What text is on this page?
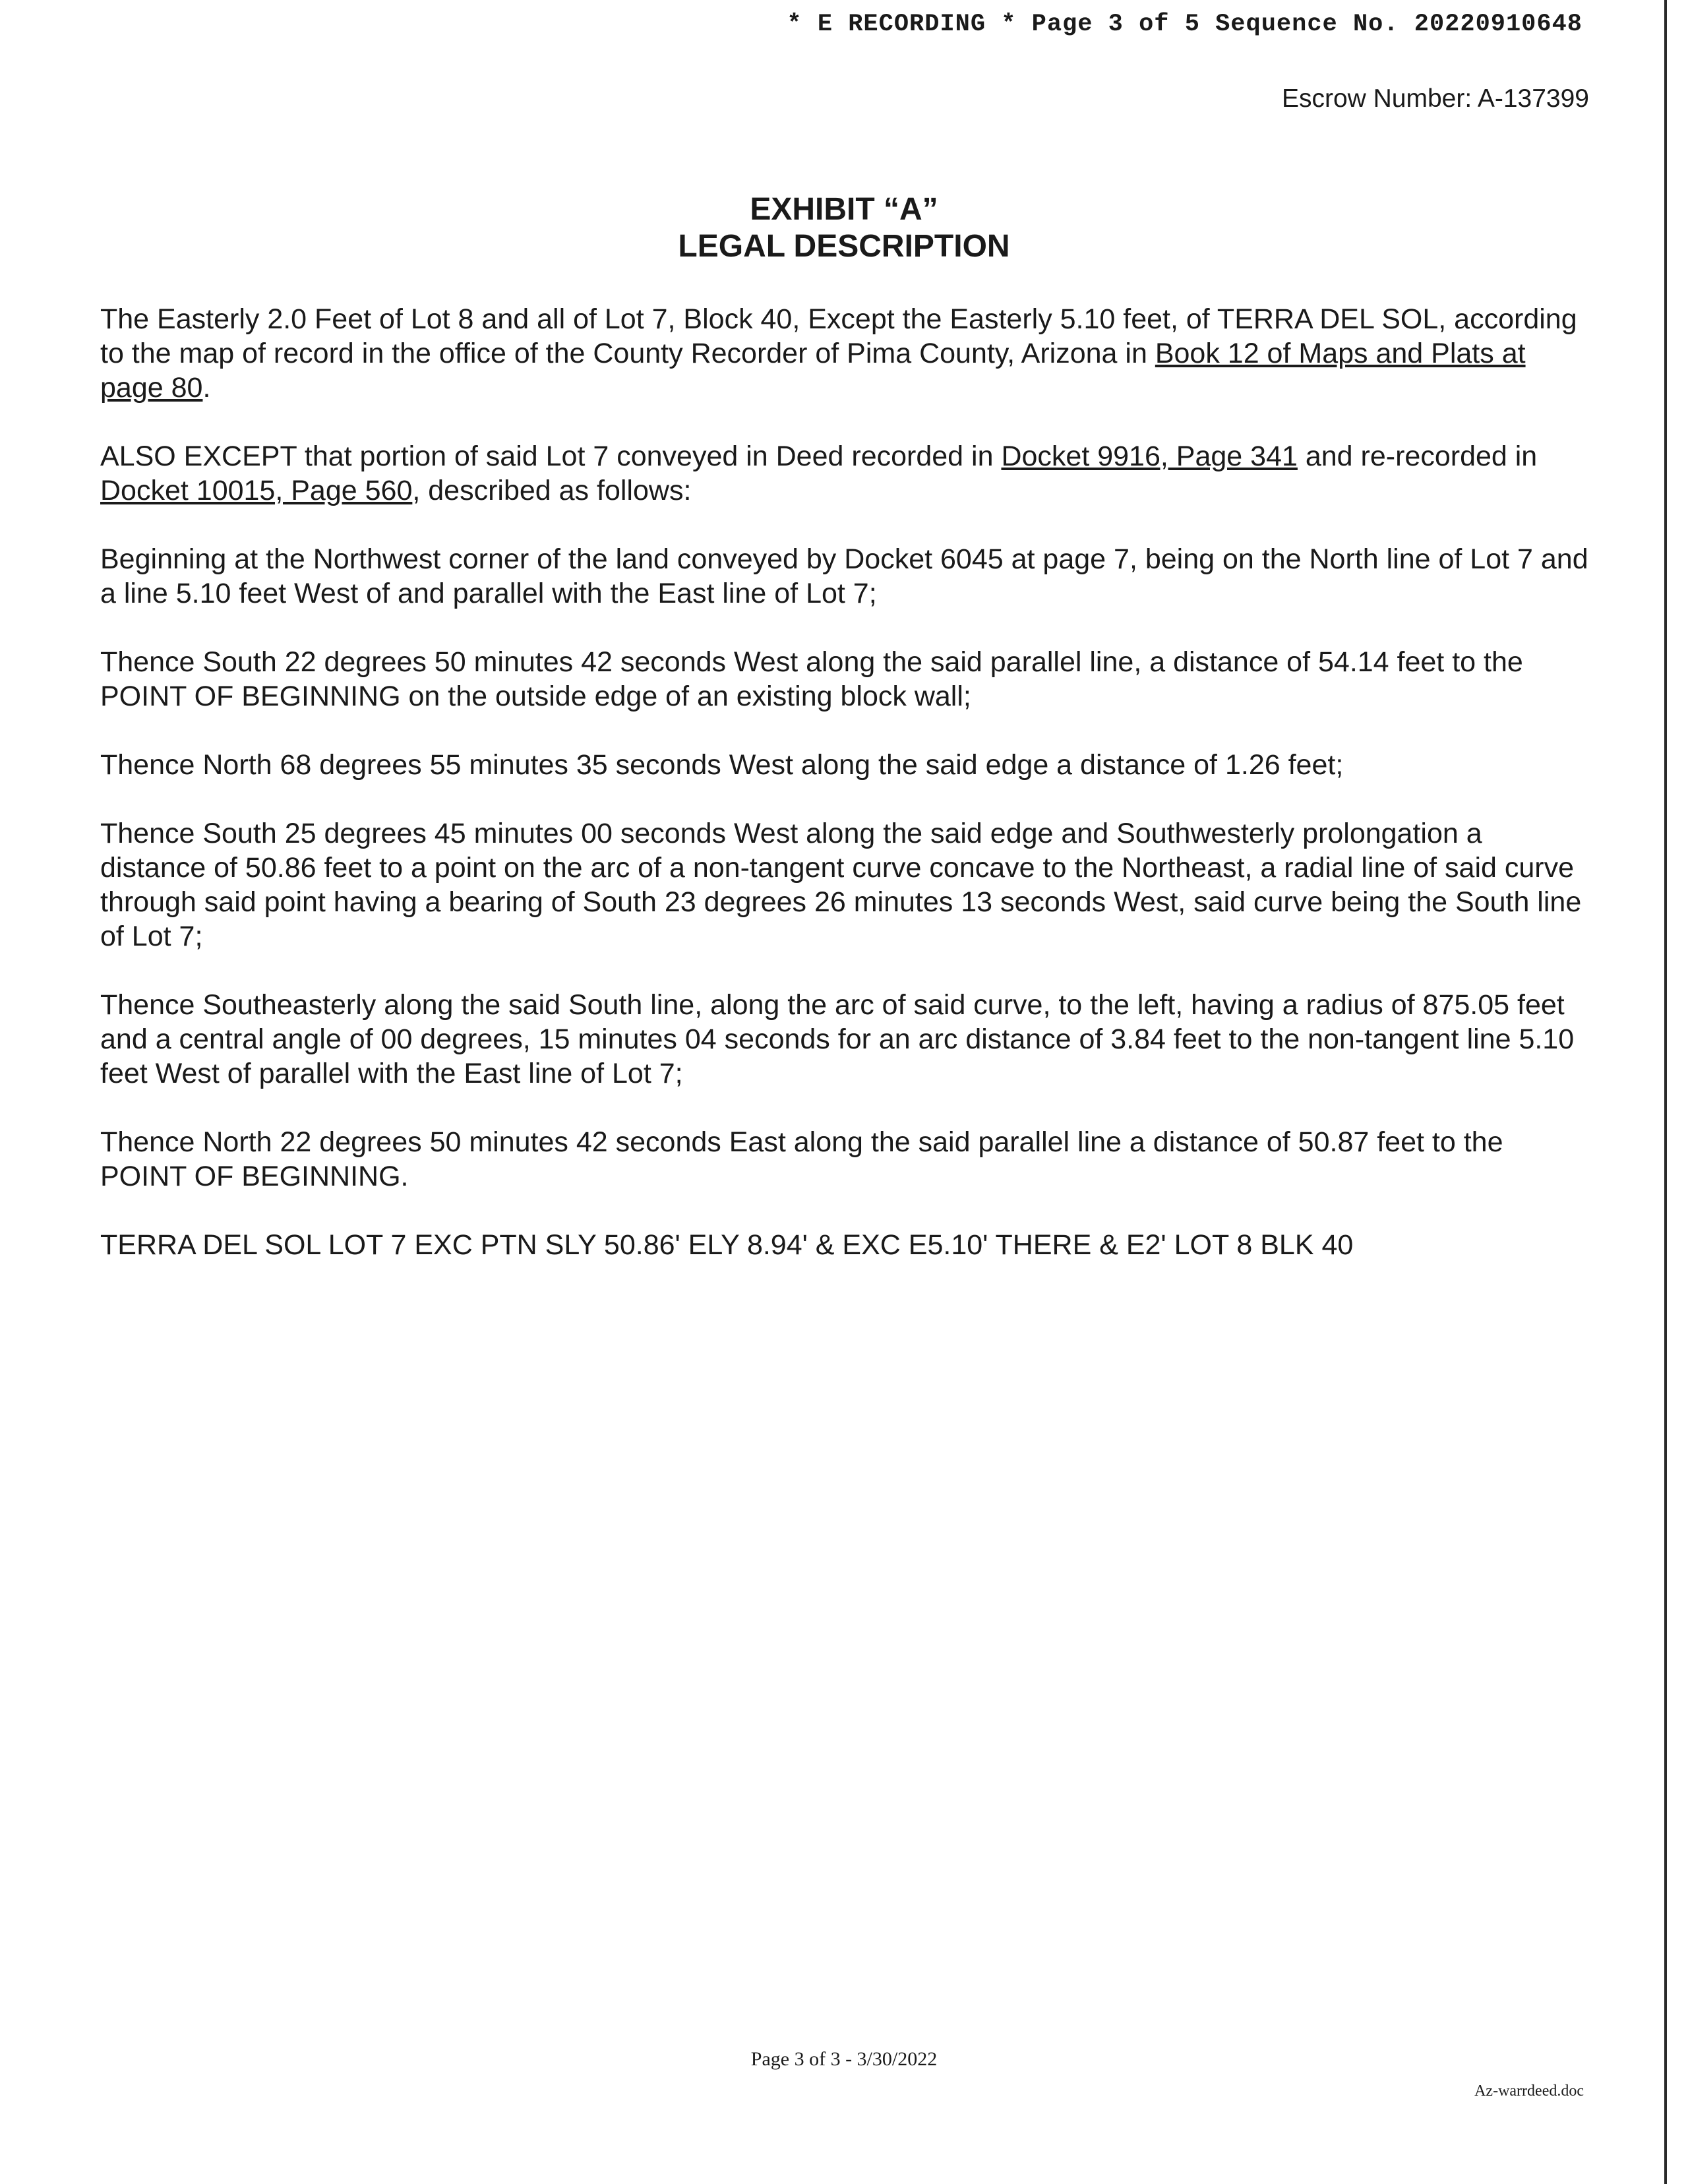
* E RECORDING * Page 3 of 5 Sequence No. 20220910648
Escrow Number: A-137399
EXHIBIT “A”
LEGAL DESCRIPTION

The Easterly 2.0 Feet of Lot 8 and all of Lot 7, Block 40, Except the Easterly 5.10 feet, of TERRA DEL SOL, according to the map of record in the office of the County Recorder of Pima County, Arizona in Book 12 of Maps and Plats at page 80.

ALSO EXCEPT that portion of said Lot 7 conveyed in Deed recorded in Docket 9916, Page 341 and re-recorded in Docket 10015, Page 560, described as follows:

Beginning at the Northwest corner of the land conveyed by Docket 6045 at page 7, being on the North line of Lot 7 and a line 5.10 feet West of and parallel with the East line of Lot 7;

Thence South 22 degrees 50 minutes 42 seconds West along the said parallel line, a distance of 54.14 feet to the POINT OF BEGINNING on the outside edge of an existing block wall;

Thence North 68 degrees 55 minutes 35 seconds West along the said edge a distance of 1.26 feet;

Thence South 25 degrees 45 minutes 00 seconds West along the said edge and Southwesterly prolongation a distance of 50.86 feet to a point on the arc of a non-tangent curve concave to the Northeast, a radial line of said curve through said point having a bearing of South 23 degrees 26 minutes 13 seconds West, said curve being the South line of Lot 7;

Thence Southeasterly along the said South line, along the arc of said curve, to the left, having a radius of 875.05 feet and a central angle of 00 degrees, 15 minutes 04 seconds for an arc distance of 3.84 feet to the non-tangent line 5.10 feet West of parallel with the East line of Lot 7;

Thence North 22 degrees 50 minutes 42 seconds East along the said parallel line a distance of 50.87 feet to the POINT OF BEGINNING.

TERRA DEL SOL LOT 7 EXC PTN SLY 50.86' ELY 8.94' & EXC E5.10' THERE & E2' LOT 8 BLK 40

Page 3 of 3 - 3/30/2022
Az-warrdeed.doc
